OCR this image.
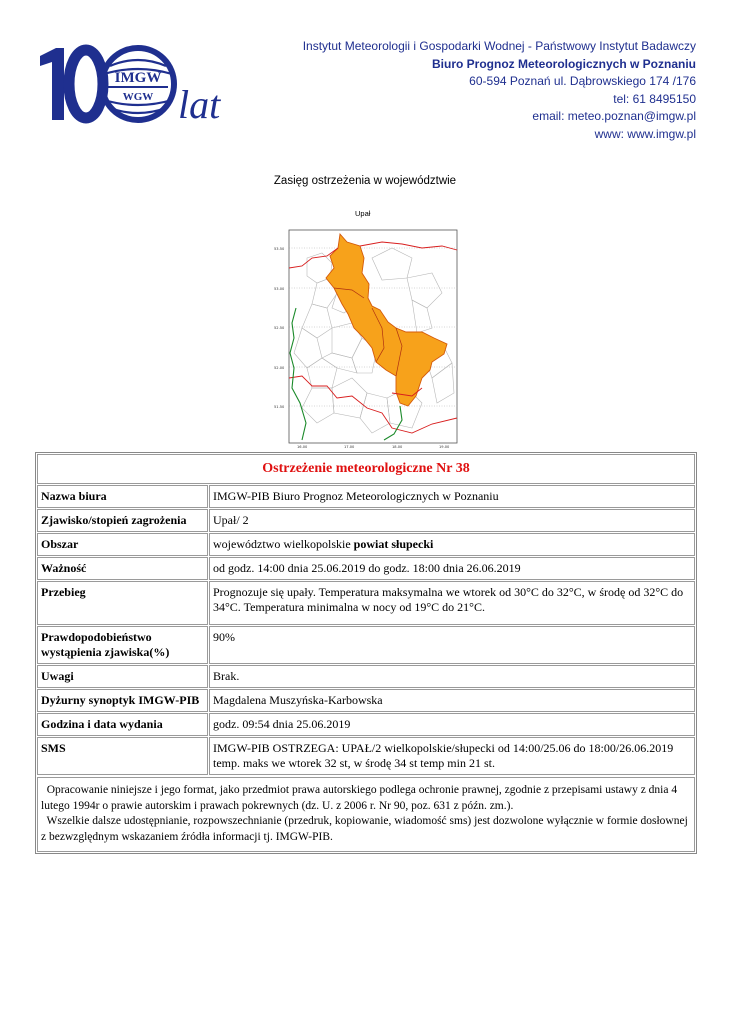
IMGW
WGW lat
Instytut Meteorologii i Gospodarki Wodnej - Państwowy Instytut Badawczy
Biuro Prognoz Meteorologicznych w Poznaniu
60-594 Poznań ul. Dąbrowskiego 174 /176
tel: 61 8495150
email: meteo.poznan@imgw.pl
www: www.imgw.pl
Zasięg ostrzeżenia w województwie
Upał
53.50
53.00
52.50
52.00
51.50
16.00	17.00	18.00	19.00
Ostrzeżenie meteorologiczne Nr 38	
Nazwa biura	IMGW-PIB Biuro Prognoz Meteorologicznych w Poznaniu
Zjawisko/stopień zagrożenia	Upał/ 2
Obszar	województwo wielkopolskie powiat słupecki
Ważność	od godz. 14:00 dnia 25.06.2019 do godz. 18:00 dnia 26.06.2019
Przebieg	Prognozuje się upały. Temperatura maksymalna we wtorek od 30°C do 32°C, w środę od 32°C do 34°C. Temperatura minimalna w nocy od 19°C do 21°C.
Prawdopodobieństwo wystąpienia zjawiska(%)	90%
Uwagi	Brak.
Dyżurny synoptyk IMGW-PIB	Magdalena Muszyńska-Karbowska
Godzina i data wydania	godz. 09:54 dnia 25.06.2019
SMS	IMGW-PIB OSTRZEGA: UPAŁ/2 wielkopolskie/słupecki od 14:00/25.06 do 18:00/26.06.2019 temp. maks we wtorek 32 st, w środę 34 st temp min 21 st.

Opracowanie niniejsze i jego format, jako przedmiot prawa autorskiego podlega ochronie prawnej, zgodnie z przepisami ustawy z dnia 4 lutego 1994r o prawie autorskim i prawach pokrewnych (dz. U. z 2006 r. Nr 90, poz. 631 z późn. zm.).

Wszelkie dalsze udostępnianie, rozpowszechnianie (przedruk, kopiowanie, wiadomość sms) jest dozwolone wyłącznie w formie dosłownej z bezwzględnym wskazaniem źródła informacji tj. IMGW-PIB.
